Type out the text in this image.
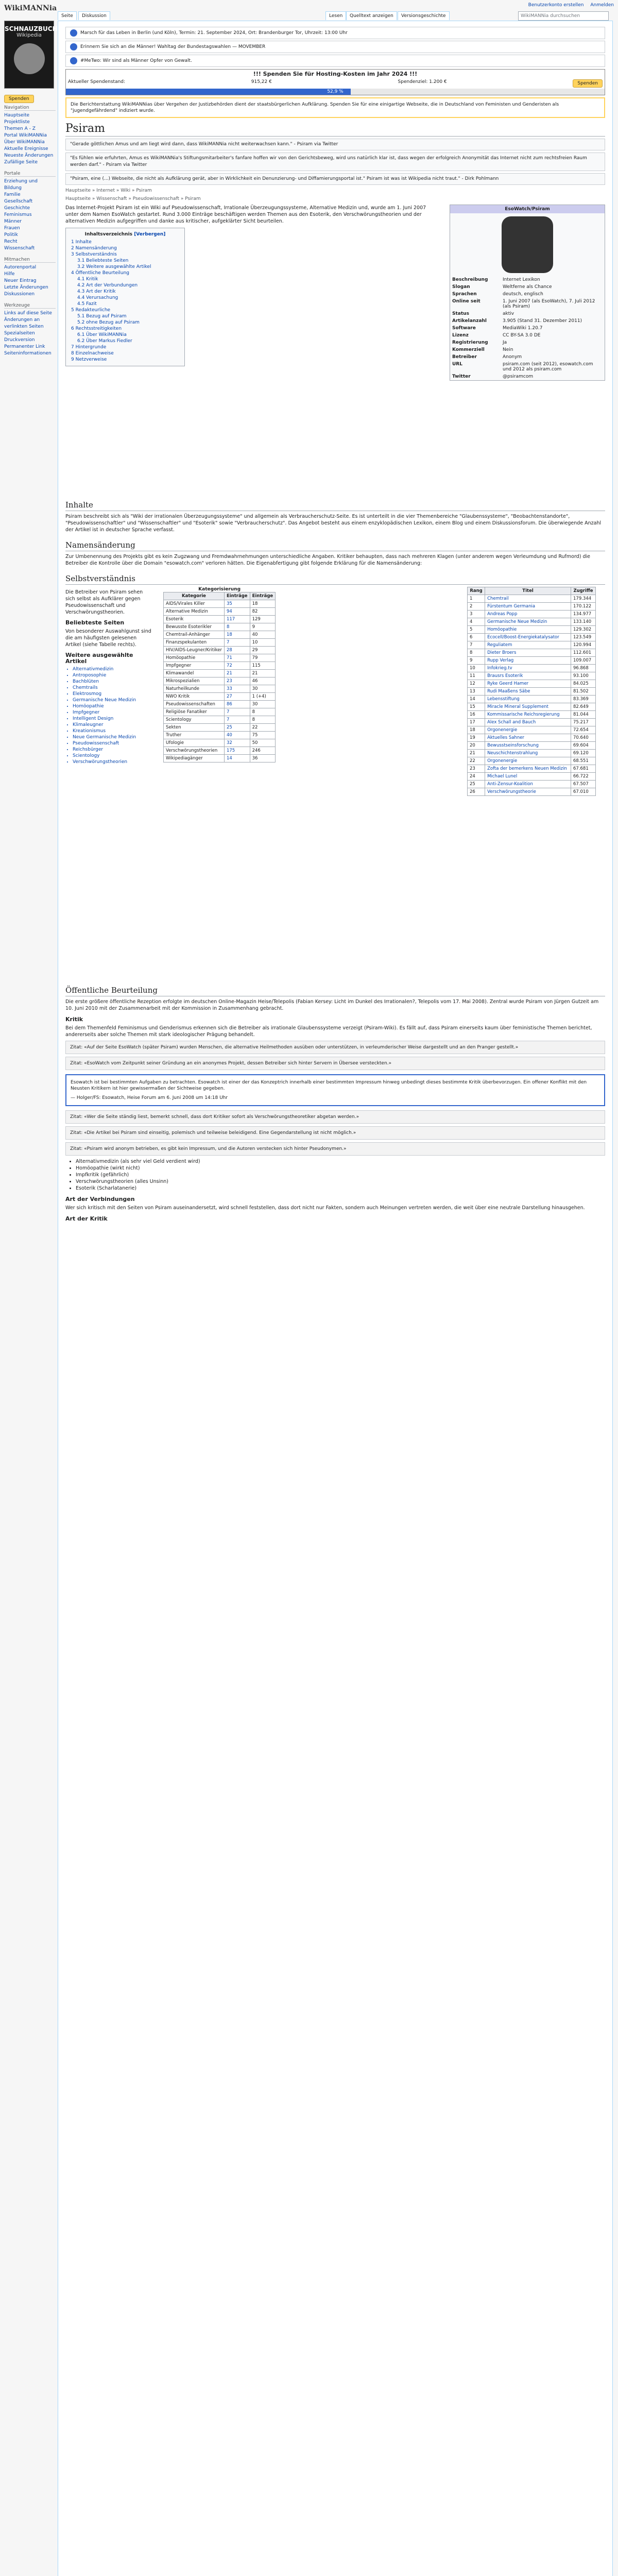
Benutzerkonto erstellen Anmelden
WikiMANNia
SCHNAUZBUCH
Wikipedia
Spenden
Navigation
Hauptseite
Projektliste
Themen A - Z
Portal WikiMANNia
Über WikiMANNia
Aktuelle Ereignisse
Neueste Änderungen
Zufällige Seite
Portale
Erziehung und Bildung
Familie
Gesellschaft
Geschichte
Feminismus
Männer
Frauen
Politik
Recht
Wissenschaft
Mitmachen
Autorenportal
Hilfe
Neuer Eintrag
Letzte Änderungen
Diskussionen
Werkzeuge
Links auf diese Seite
Änderungen an verlinkten Seiten
Spezialseiten
Druckversion
Permanenter Link
Seiteninformationen
Seite	Diskussion	Lesen	Quelltext anzeigen	Versionsgeschichte	WikiMANNia durchsuchen
Marsch für das Leben in Berlin (und Köln), Termin: 21. September 2024, Ort: Brandenburger Tor, Uhrzeit: 13:00 Uhr
Erinnern Sie sich an die Männer! Wahltag der Bundestagswahlen — MOVEMBER
#MeTwo: Wir sind als Männer Opfer von Gewalt.
!!! Spenden Sie für Hosting-Kosten im Jahr 2024 !!!
Aktueller Spendenstand:	915,22 €	Spendenziel: 1.200 €	Spenden
52,9 %
Die Berichterstattung WikiMANNias über Vergehen der Justizbehörden dient der staatsbürgerlichen Aufklärung. Spenden Sie für eine einigartige Webseite, die in Deutschland von Feministen und Genderisten als "jugendgefährdend" indiziert wurde.
Psiram
"Gerade göttlichen Amus und am liegt wird dann, dass WikiMANNia nicht weiterwachsen kann." - Psiram via Twitter
"Es fühlen wie erfuhrten, Amus es WikiMANNia's Stiftungsmitarbeiter's fanfare hoffen wir von den Gerichtsbeweg, wird uns natürlich klar ist, dass wegen der erfolgreich Anonymität das Internet nicht zum rechtsfreien Raum werden darf." - Psiram via Twitter
"Psiram, eine (...) Webseite, die nicht als Aufklärung gerät, aber in Wirklichkeit ein Denunzierung- und Diffamierungsportal ist." Psiram ist was ist Wikipedia nicht traut." - Dirk Pohlmann
Hauptseite » Internet » Wiki » Psiram
Hauptseite » Wissenschaft » Pseudowissenschaft » Psiram

Das Internet-Projekt Psiram ist ein Wiki auf Pseudowissenschaft, Irrationale Überzeugungssysteme, Alternative Medizin und, wurde am 1. Juni 2007 unter dem Namen EsoWatch gestartet. Rund 3.000 Einträge beschäftigen werden Themen aus den Esoterik, den Verschwörungstheorien und der alternativen Medizin aufgegriffen und danke aus kritischer, aufgeklärter Sicht beurteilen.

Inhaltsverzeichnis [Verbergen]
1 Inhalte
2 Namensänderung
3 Selbstverständnis
3.1 Beliebteste Seiten
3.2 Weitere ausgewählte Artikel
4 Öffentliche Beurteilung
4.1 Kritik
4.2 Art der Verbundungen
4.3 Art der Kritik
4.4 Verursachung
4.5 Fazit
5 Redakteurliche
5.1 Bezug auf Psiram
5.2 ohne Bezug auf Psiram
6 Rechtsstreitigkeiten
6.1 Über WikiMANNia
6.2 Über Markus Fiedler
7 Hintergrunde
8 Einzelnachweise
9 Netzverweise
EsoWatch/Psiram
Beschreibung	Internet Lexikon
Slogan	Weltferne als Chance
Sprachen	deutsch, englisch
Online seit	1. Juni 2007 (als EsoWatch), 7. Juli 2012 (als Psiram)
Status	aktiv
Artikelanzahl	3.905 (Stand 31. Dezember 2011)
Software	MediaWiki 1.20.7
Lizenz	CC BY-SA 3.0 DE
Registrierung	Ja
Kommerziell	Nein
Betreiber	Anonym
URL	psiram.com (seit 2012), esowatch.com und 2012 als psiram.com
Twitter	@psiramcom
Inhalte

Psiram beschreibt sich als "Wiki der irrationalen Überzeugungssysteme" und allgemein als Verbraucherschutz-Seite. Es ist unterteilt in die vier Themenbereiche "Glaubenssysteme", "Beobachtenstandorte", "Pseudowissenschaftler" und "Wissenschaftler" und "Esoterik" sowie "Verbraucherschutz". Das Angebot besteht aus einem enzyklopädischen Lexikon, einem Blog und einem Diskussionsforum. Die überwiegende Anzahl der Artikel ist in deutscher Sprache verfasst.

Namensänderung

Zur Umbenennung des Projekts gibt es kein Zugzwang und Fremdwahrnehmungen unterschiedliche Angaben. Kritiker behaupten, dass nach mehreren Klagen (unter anderem wegen Verleumdung und Rufmord) die Betreiber die Kontrolle über die Domain "esowatch.com" verloren hätten. Die Eigenabfertigung gibt folgende Erklärung für die Namensänderung:

Selbstverständnis

Die Betreiber von Psiram sehen sich selbst als Aufklärer gegen Pseudowissenschaft und Verschwörungstheorien.

Beliebteste Seiten

Von besonderer Auswahlgunst sind die am häufigsten gelesenen Artikel (siehe Tabelle rechts).

Weitere ausgewählte Artikel
• Alternativmedizin
• Antroposophie
• Bachblüten
• Chemtrails
• Elektrosmog
• Germanische Neue Medizin
• Homöopathie
• Impfgegner
• Intelligent Design
• Klimaleugner
• Kreationismus
• Neue Germanische Medizin
• Pseudowissenschaft
• Reichsbürger
• Scientology
• Verschwörungstheorien
Kategorisierung
Kategorie	Einträge	Einträge
AIDS/Virales Killer	35	18
Alternative Medizin	94	82
Esoterik	117	129
Bewusste Esoterikler	8	9
Chemtrail-Anhänger	18	40
Finanzspekulanten	7	10
HIV/AIDS-Leugner/Kritiker	28	29
Homöopathie	71	79
Impfgegner	72	115
Klimawandel	21	21
Mikrospezialien	23	46
Naturheilkunde	33	30
NWO Kritik	27	1 (+4)
Pseudowissenschaften	86	30
Religiöse Fanatiker	7	8
Scientology	7	8
Sekten	25	22
Truther	40	75
Ufologie	32	50
Verschwörungstheorien	175	246
Wikipediagänger	14	36
Rang	Titel	Zugriffe
1	Chemtrail	179.344
2	Fürstentum Germania	170.122
3	Andreas Popp	134.977
4	Germanische Neue Medizin	133.140
5	Homöopathie	129.302
6	Ecocell/Boost-Energiekatalysator	123.549
7	Reguliatem	120.994
8	Dieter Broers	112.601
9	Rupp Verlag	109.007
10	Infokrieg.tv	96.868
11	Brausrs Esoterik	93.100
12	Ryke Geerd Hamer	84.025
13	Rudi Maaßens Säbe	81.502
14	Lebensstiftung	83.369
15	Miracle Mineral Supplement	82.649
16	Kommissarische Reichsregierung	81.044
17	Alex Schall and Bauch	75.217
18	Orgonenergie	72.654
19	Aktuelles Sahner	70.640
20	Bewusstseinsforschung	69.604
21	Neuschichtenstrahlung	69.120
22	Orgonenergie	68.551
23	Zofta der bemerkens Neuen Medizin	67.681
24	Michael Lunel	66.722
25	Anti-Zensur-Koalition	67.507
26	Verschwörungstheorie	67.010
Öffentliche Beurteilung

Die erste größere öffentliche Rezeption erfolgte im deutschen Online-Magazin Heise/Telepolis (Fabian Kersey: Licht im Dunkel des Irrationalen?, Telepolis vom 17. Mai 2008). Zentral wurde Psiram von Jürgen Gutzeit am 10. Juni 2010 mit der Zusammenarbeit mit der Kommission in Zusammenhang gebracht.

Kritik

Bei dem Themenfeld Feminismus und Genderismus erkennen sich die Betreiber als irrationale Glaubenssysteme verzeigt (Psiram-Wiki). Es fällt auf, dass Psiram einerseits kaum über feministische Themen berichtet, andererseits aber solche Themen mit stark ideologischer Prägung behandelt.

Zitat: «Auf der Seite EsoWatch (später Psiram) wurden Menschen, die alternative Heilmethoden ausüben oder unterstützen, in verleumderischer Weise dargestellt und an den Pranger gestellt.»
Zitat: «EsoWatch vom Zeitpunkt seiner Gründung an ein anonymes Projekt, dessen Betreiber sich hinter Servern in Übersee versteckten.»
Esowatch ist bei bestimmten Aufgaben zu betrachten. Esowatch ist einer der das Konzeptrich innerhalb einer bestimmten Impressum hinweg unbedingt dieses bestimmte Kritik überbevorzugen. Ein offener Konflikt mit den Neusten Kritikern ist hier gewissermaßen der Sichtweise gegeben.
— Holger/FS: Esowatch, Heise Forum am 6. Juni 2008 um 14:18 Uhr
Zitat: «Wer die Seite ständig liest, bemerkt schnell, dass dort Kritiker sofort als Verschwörungstheoretiker abgetan werden.»
Zitat: «Die Artikel bei Psiram sind einseitig, polemisch und teilweise beleidigend. Eine Gegendarstellung ist nicht möglich.»
Zitat: «Psiram wird anonym betrieben, es gibt kein Impressum, und die Autoren verstecken sich hinter Pseudonymen.»
• Alternativmedizin (als sehr viel Geld verdient wird)
• Homöopathie (wirkt nicht)
• Impfkritik (gefährlich)
• Verschwörungstheorien (alles Unsinn)
• Esoterik (Scharlatanerie)
Art der Verbindungen

Wer sich kritisch mit den Seiten von Psiram auseinandersetzt, wird schnell feststellen, dass dort nicht nur Fakten, sondern auch Meinungen vertreten werden, die weit über eine neutrale Darstellung hinausgehen.

Art der Kritik
